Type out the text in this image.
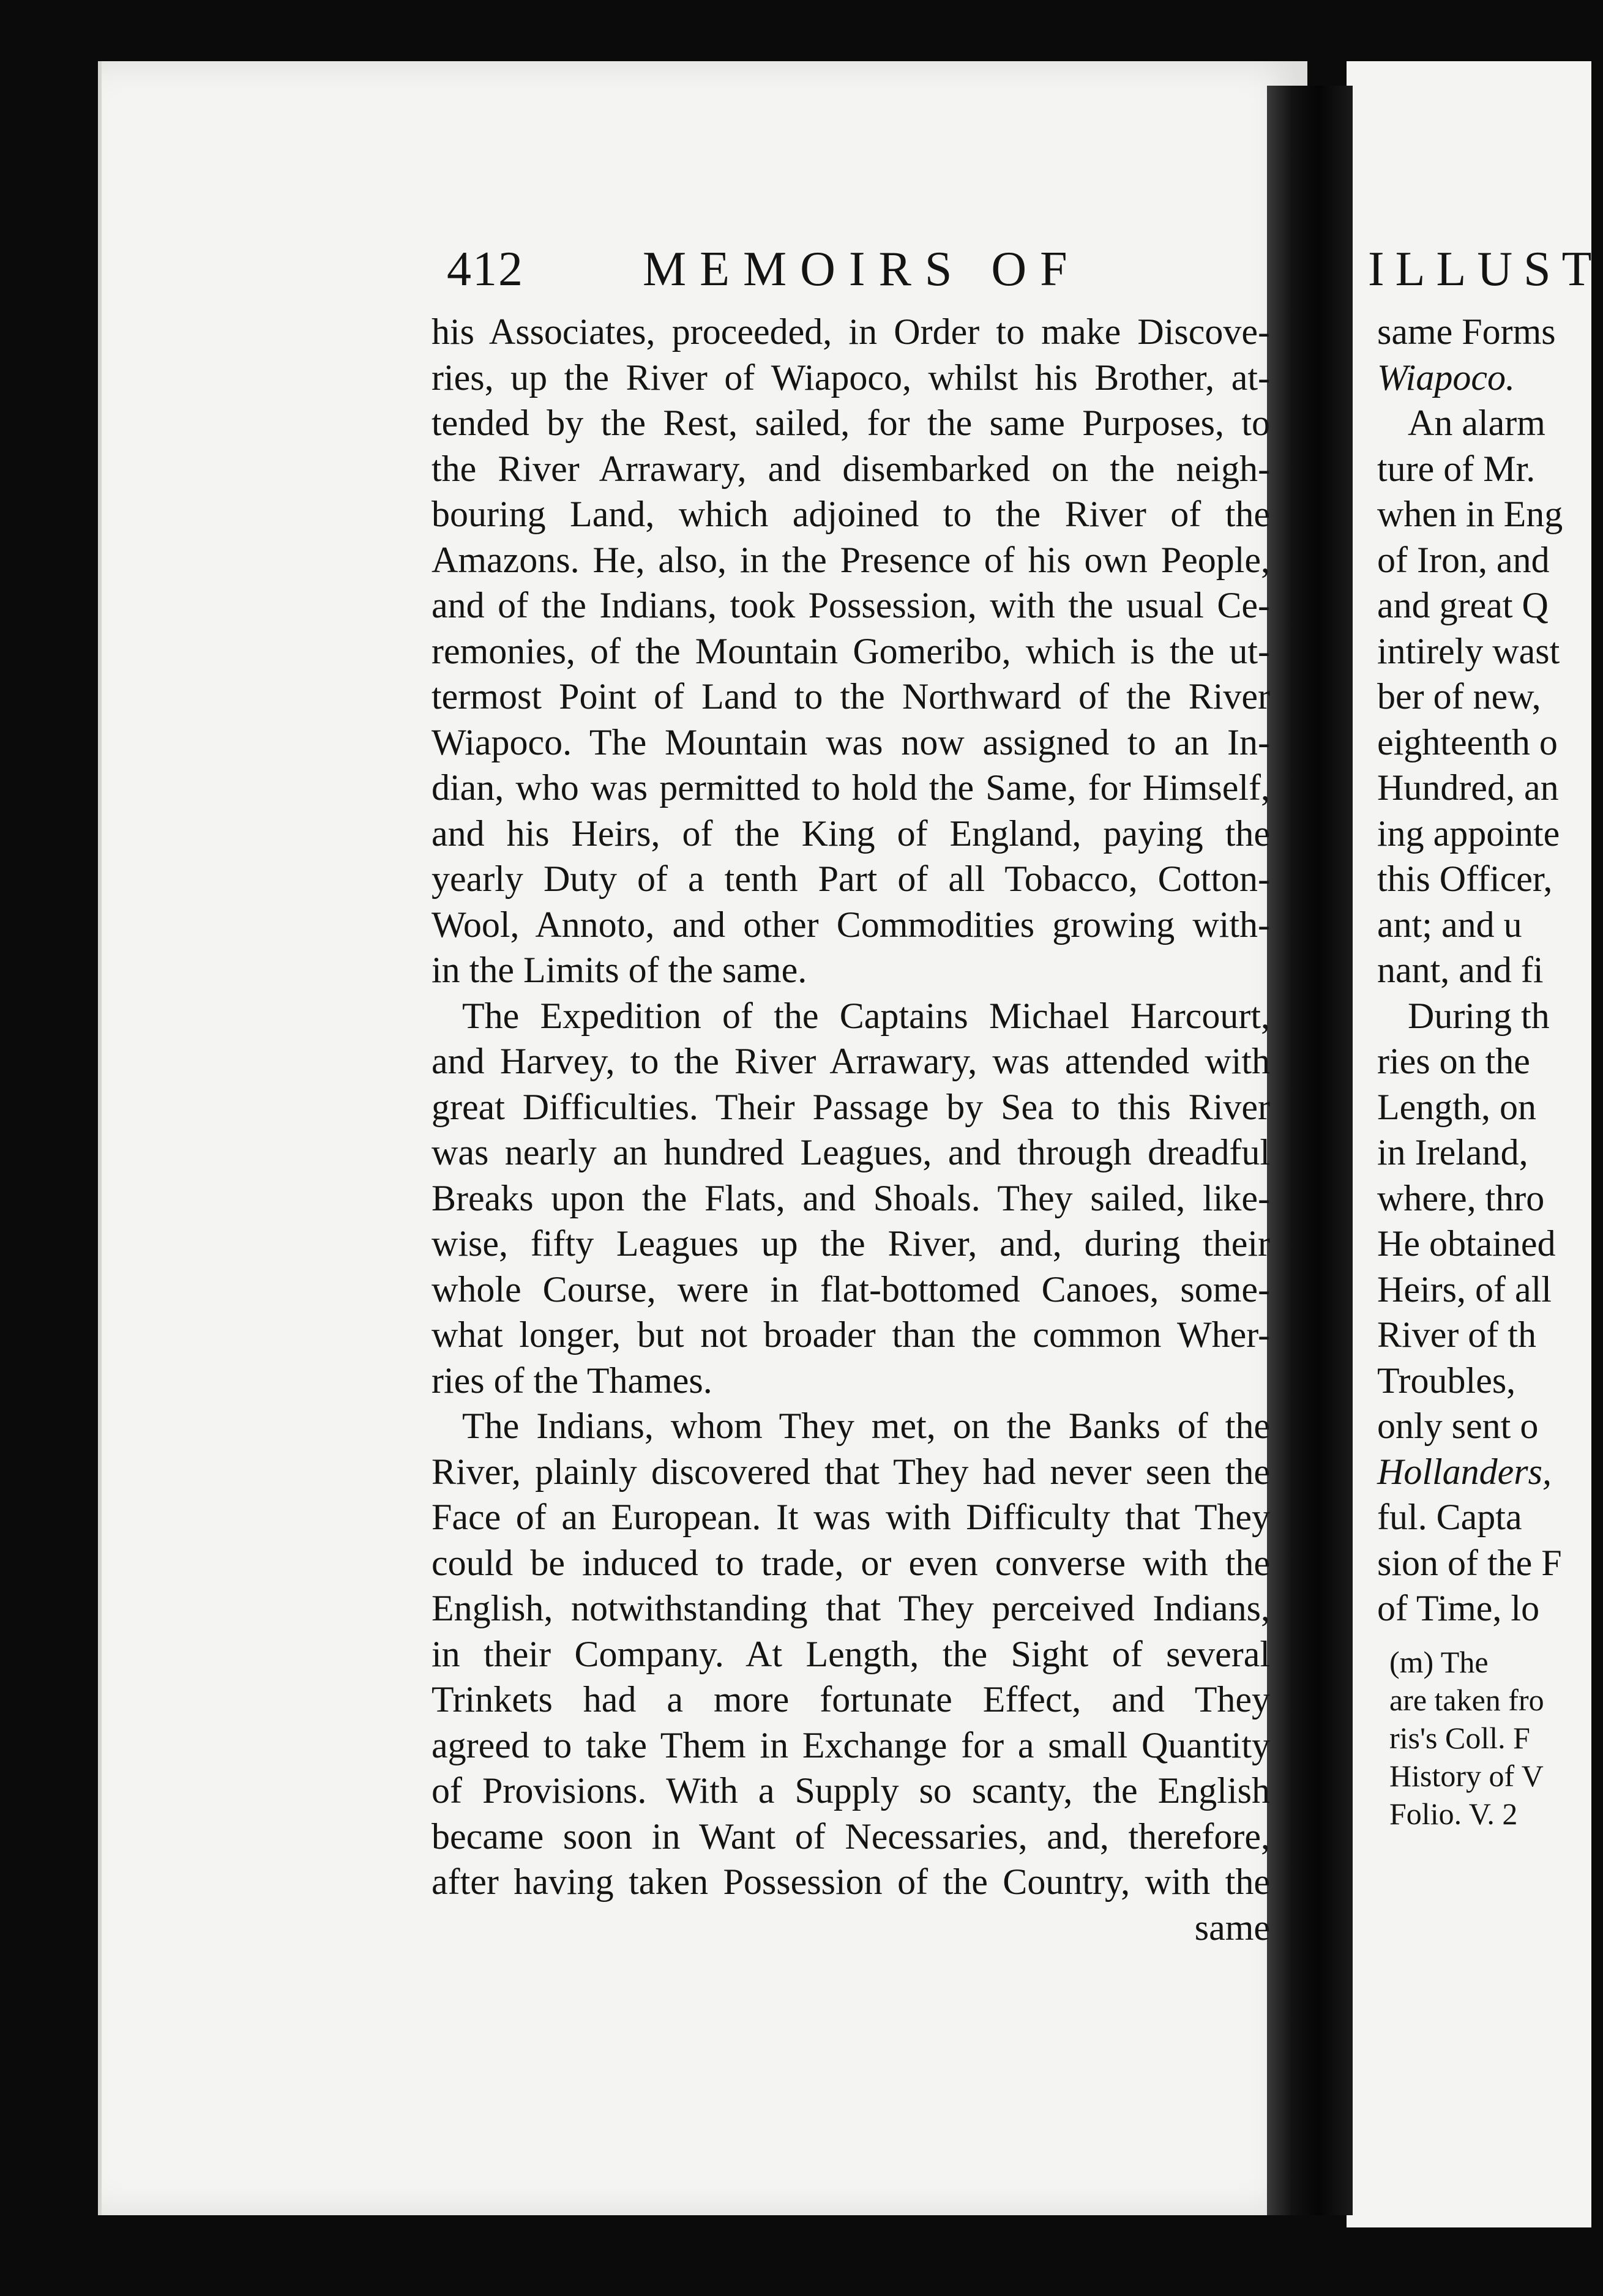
412 MEMOIRS OF	ILLUST
his Associates, proceeded, in Order to make Discove-
ries, up the River of Wiapoco, whilst his Brother, at-
tended by the Rest, sailed, for the same Purposes, to
the River Arrawary, and disembarked on the neigh-
bouring Land, which adjoined to the River of the
Amazons. He, also, in the Presence of his own People,
and of the Indians, took Possession, with the usual Ce-
remonies, of the Mountain Gomeribo, which is the ut-
termost Point of Land to the Northward of the River
Wiapoco. The Mountain was now assigned to an In-
dian, who was permitted to hold the Same, for Himself,
and his Heirs, of the King of England, paying the
yearly Duty of a tenth Part of all Tobacco, Cotton-
Wool, Annoto, and other Commodities growing with-
in the Limits of the same.
The Expedition of the Captains Michael Harcourt,
and Harvey, to the River Arrawary, was attended with
great Difficulties. Their Passage by Sea to this River
was nearly an hundred Leagues, and through dreadful
Breaks upon the Flats, and Shoals. They sailed, like-
wise, fifty Leagues up the River, and, during their
whole Course, were in flat-bottomed Canoes, some-
what longer, but not broader than the common Wher-
ries of the Thames.
The Indians, whom They met, on the Banks of the
River, plainly discovered that They had never seen the
Face of an European. It was with Difficulty that They
could be induced to trade, or even converse with the
English, notwithstanding that They perceived Indians,
in their Company. At Length, the Sight of several
Trinkets had a more fortunate Effect, and They
agreed to take Them in Exchange for a small Quantity
of Provisions. With a Supply so scanty, the English
became soon in Want of Necessaries, and, therefore,
after having taken Possession of the Country, with the
same
same Forms
Wiapoco.
An alarm
ture of Mr.
when in Eng
of Iron, and
and great Q
intirely wast
ber of new,
eighteenth o
Hundred, an
ing appointe
this Officer,
ant; and u
nant, and fi
During th
ries on the
Length, on
in Ireland,
where, thro
He obtained
Heirs, of all
River of th
Troubles,
only sent o
Hollanders,
ful. Capta
sion of the F
of Time, lo
(m) The
are taken fro
ris's Coll. F
History of V
Folio. V. 2
